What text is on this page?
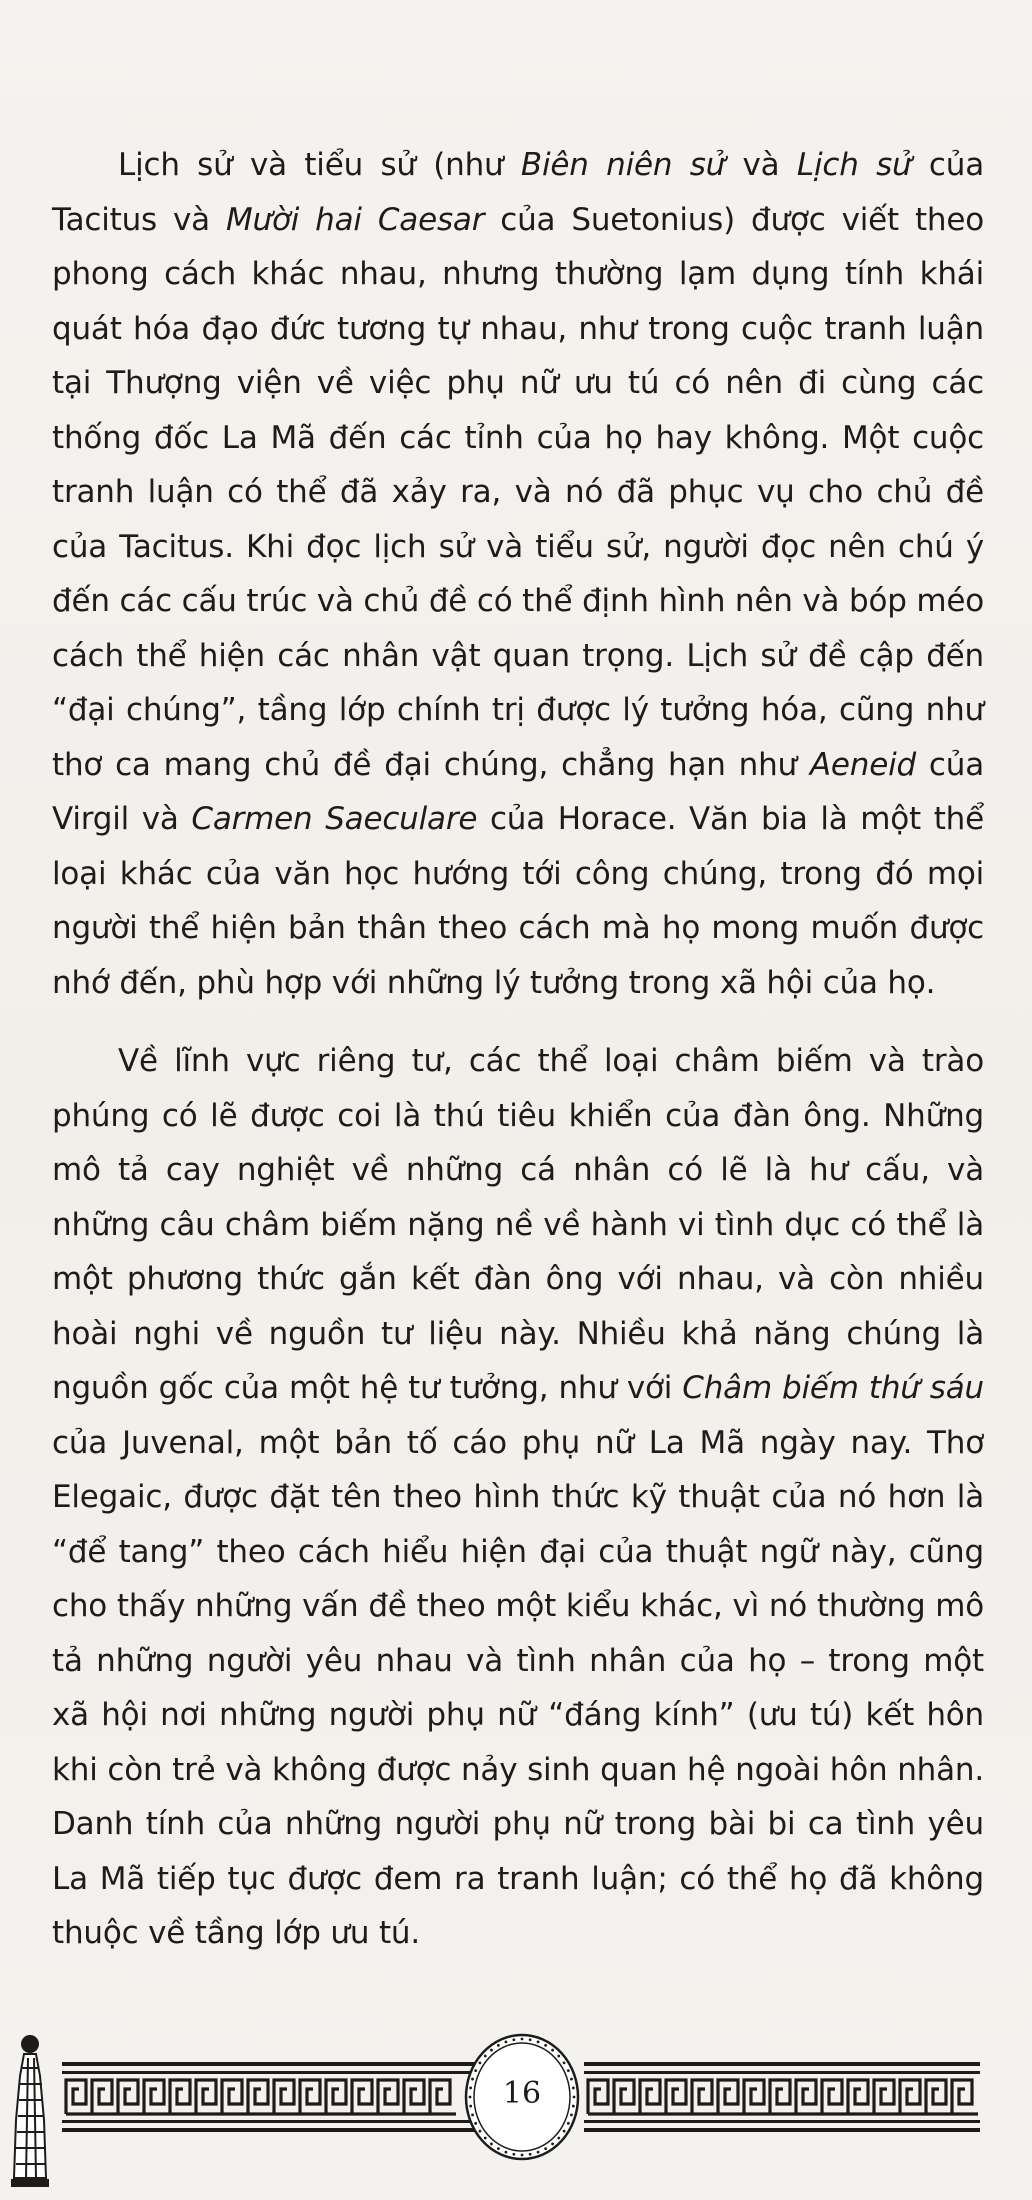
Lịch sử và tiểu sử (như Biên niên sử và Lịch sử của Tacitus và Mười hai Caesar của Suetonius) được viết theo phong cách khác nhau, nhưng thường lạm dụng tính khái quát hóa đạo đức tương tự nhau, như trong cuộc tranh luận tại Thượng viện về việc phụ nữ ưu tú có nên đi cùng các thống đốc La Mã đến các tỉnh của họ hay không. Một cuộc tranh luận có thể đã xảy ra, và nó đã phục vụ cho chủ đề của Tacitus. Khi đọc lịch sử và tiểu sử, người đọc nên chú ý đến các cấu trúc và chủ đề có thể định hình nên và bóp méo cách thể hiện các nhân vật quan trọng. Lịch sử đề cập đến “đại chúng”, tầng lớp chính trị được lý tưởng hóa, cũng như thơ ca mang chủ đề đại chúng, chẳng hạn như Aeneid của Virgil và Carmen Saeculare của Horace. Văn bia là một thể loại khác của văn học hướng tới công chúng, trong đó mọi người thể hiện bản thân theo cách mà họ mong muốn được nhớ đến, phù hợp với những lý tưởng trong xã hội của họ.

Về lĩnh vực riêng tư, các thể loại châm biếm và trào phúng có lẽ được coi là thú tiêu khiển của đàn ông. Những mô tả cay nghiệt về những cá nhân có lẽ là hư cấu, và những câu châm biếm nặng nề về hành vi tình dục có thể là một phương thức gắn kết đàn ông với nhau, và còn nhiều hoài nghi về nguồn tư liệu này. Nhiều khả năng chúng là nguồn gốc của một hệ tư tưởng, như với Châm biếm thứ sáu của Juvenal, một bản tố cáo phụ nữ La Mã ngày nay. Thơ Elegaic, được đặt tên theo hình thức kỹ thuật của nó hơn là “để tang” theo cách hiểu hiện đại của thuật ngữ này, cũng cho thấy những vấn đề theo một kiểu khác, vì nó thường mô tả những người yêu nhau và tình nhân của họ – trong một xã hội nơi những người phụ nữ “đáng kính” (ưu tú) kết hôn khi còn trẻ và không được nảy sinh quan hệ ngoài hôn nhân. Danh tính của những người phụ nữ trong bài bi ca tình yêu La Mã tiếp tục được đem ra tranh luận; có thể họ đã không thuộc về tầng lớp ưu tú.

16
